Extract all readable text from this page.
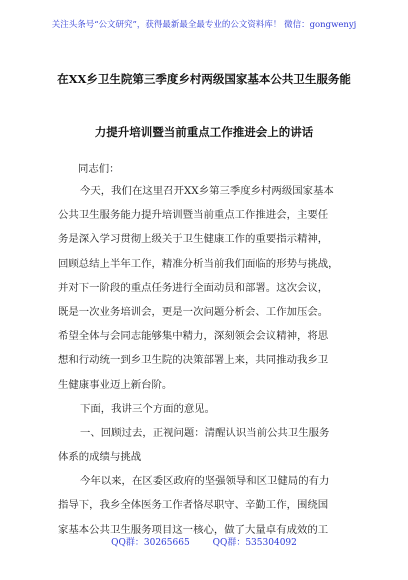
关注头条号“公文研究”，获得最新最全最专业的公文资料库！ 微信：gongwenyj
在XX乡卫生院第三季度乡村两级国家基本公共卫生服务能
力提升培训暨当前重点工作推进会上的讲话
同志们：
今天，我们在这里召开XX乡第三季度乡村两级国家基本
公共卫生服务能力提升培训暨当前重点工作推进会，主要任
务是深入学习贯彻上级关于卫生健康工作的重要指示精神，
回顾总结上半年工作，精准分析当前我们面临的形势与挑战，
并对下一阶段的重点任务进行全面动员和部署。这次会议，
既是一次业务培训会，更是一次问题分析会、工作加压会。
希望全体与会同志能够集中精力，深刻领会会议精神，将思
想和行动统一到乡卫生院的决策部署上来，共同推动我乡卫
生健康事业迈上新台阶。
下面，我讲三个方面的意见。
一、回顾过去，正视问题：清醒认识当前公共卫生服务
体系的成绩与挑战
今年以来，在区委区政府的坚强领导和区卫健局的有力
指导下，我乡全体医务工作者恪尽职守、辛勤工作，围绕国
家基本公共卫生服务项目这一核心，做了大量卓有成效的工
QQ群：30265665	QQ群：535304092
